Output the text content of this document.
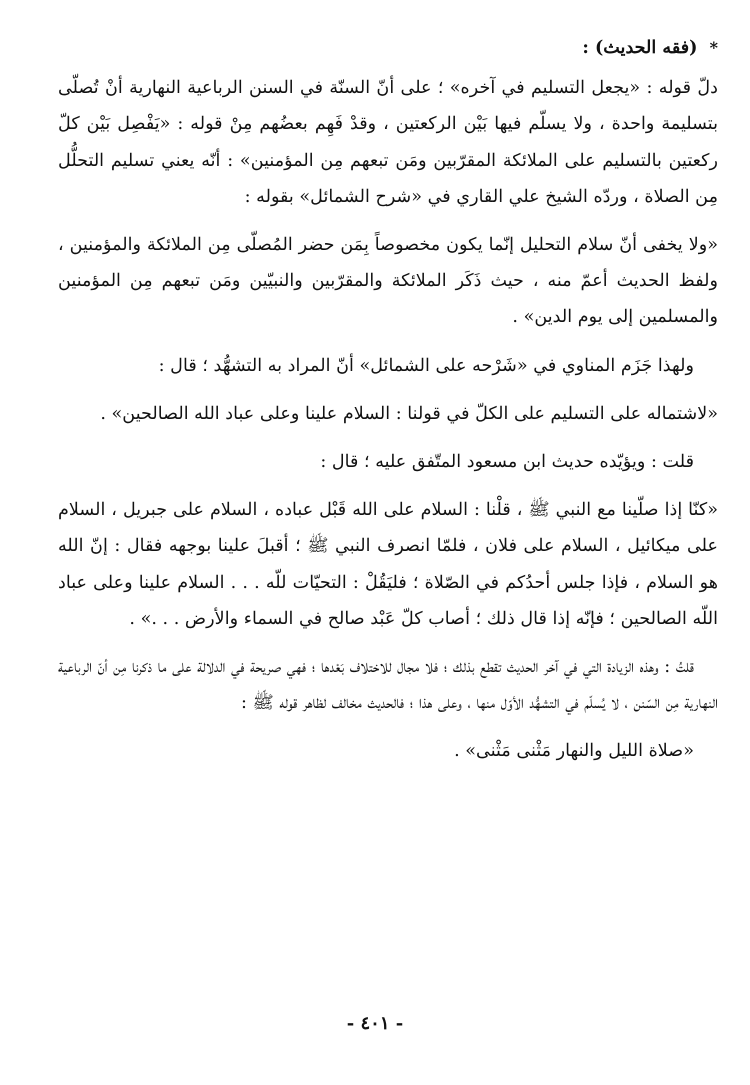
* (فقه الحديث) :

دلّ قوله : «يجعل التسليم في آخره» ؛ على أنّ السنّة في السنن الرباعية النهارية أنْ تُصلّى بتسليمة واحدة ، ولا يسلّم فيها بَيْن الركعتين ، وقدْ فَهِم بعضُهم مِنْ قوله : «يَفْصِل بَيْن كلّ ركعتين بالتسليم على الملائكة المقرّبين ومَن تبعهم مِن المؤمنين» : أنّه يعني تسليم التحلُّل مِن الصلاة ، وردّه الشيخ علي القاري في «شرح الشمائل» بقوله :

«ولا يخفى أنّ سلام التحليل إنّما يكون مخصوصاً بِمَن حضر المُصلّى مِن الملائكة والمؤمنين ، ولفظ الحديث أعمّ منه ، حيث ذَكَر الملائكة والمقرّبين والنبيّين ومَن تبعهم مِن المؤمنين والمسلمين إلى يوم الدين» .

ولهذا جَزَم المناوي في «شَرْحه على الشمائل» أنّ المراد به التشهُّد ؛ قال :

«لاشتماله على التسليم على الكلّ في قولنا : السلام علينا وعلى عباد الله الصالحين» .

قلت : ويؤيّده حديث ابن مسعود المتّفق عليه ؛ قال :

«كنّا إذا صلّينا مع النبي ﷺ ، قلْنا : السلام على الله قَبْل عباده ، السلام على جبريل ، السلام على ميكائيل ، السلام على فلان ، فلمّا انصرف النبي ﷺ ؛ أقبلَ علينا بوجهه فقال : إنّ الله هو السلام ، فإذا جلس أحدُكم في الصّلاة ؛ فليَقُلْ : التحيّات للّه . . . السلام علينا وعلى عباد اللّه الصالحين ؛ فإنّه إذا قال ذلك ؛ أصاب كلّ عَبْد صالح في السماء والأرض . . .» .

قلتُ : وهذه الزيادة التي في آخر الحديث تقطع بذلك ؛ فلا مجال للاختلاف بَعْدها ؛ فهي صريحة في الدلالة على ما ذكرنا مِن أنّ الرباعية النهارية مِن السّنن ، لا يُسلّم في التشهُّد الأوّل منها ، وعلى هذا ؛ فالحديث مخالف لظاهر قوله ﷺ :

«صلاة الليل والنهار مَثْنى مَثْنى» .

- ٤٠١ -
